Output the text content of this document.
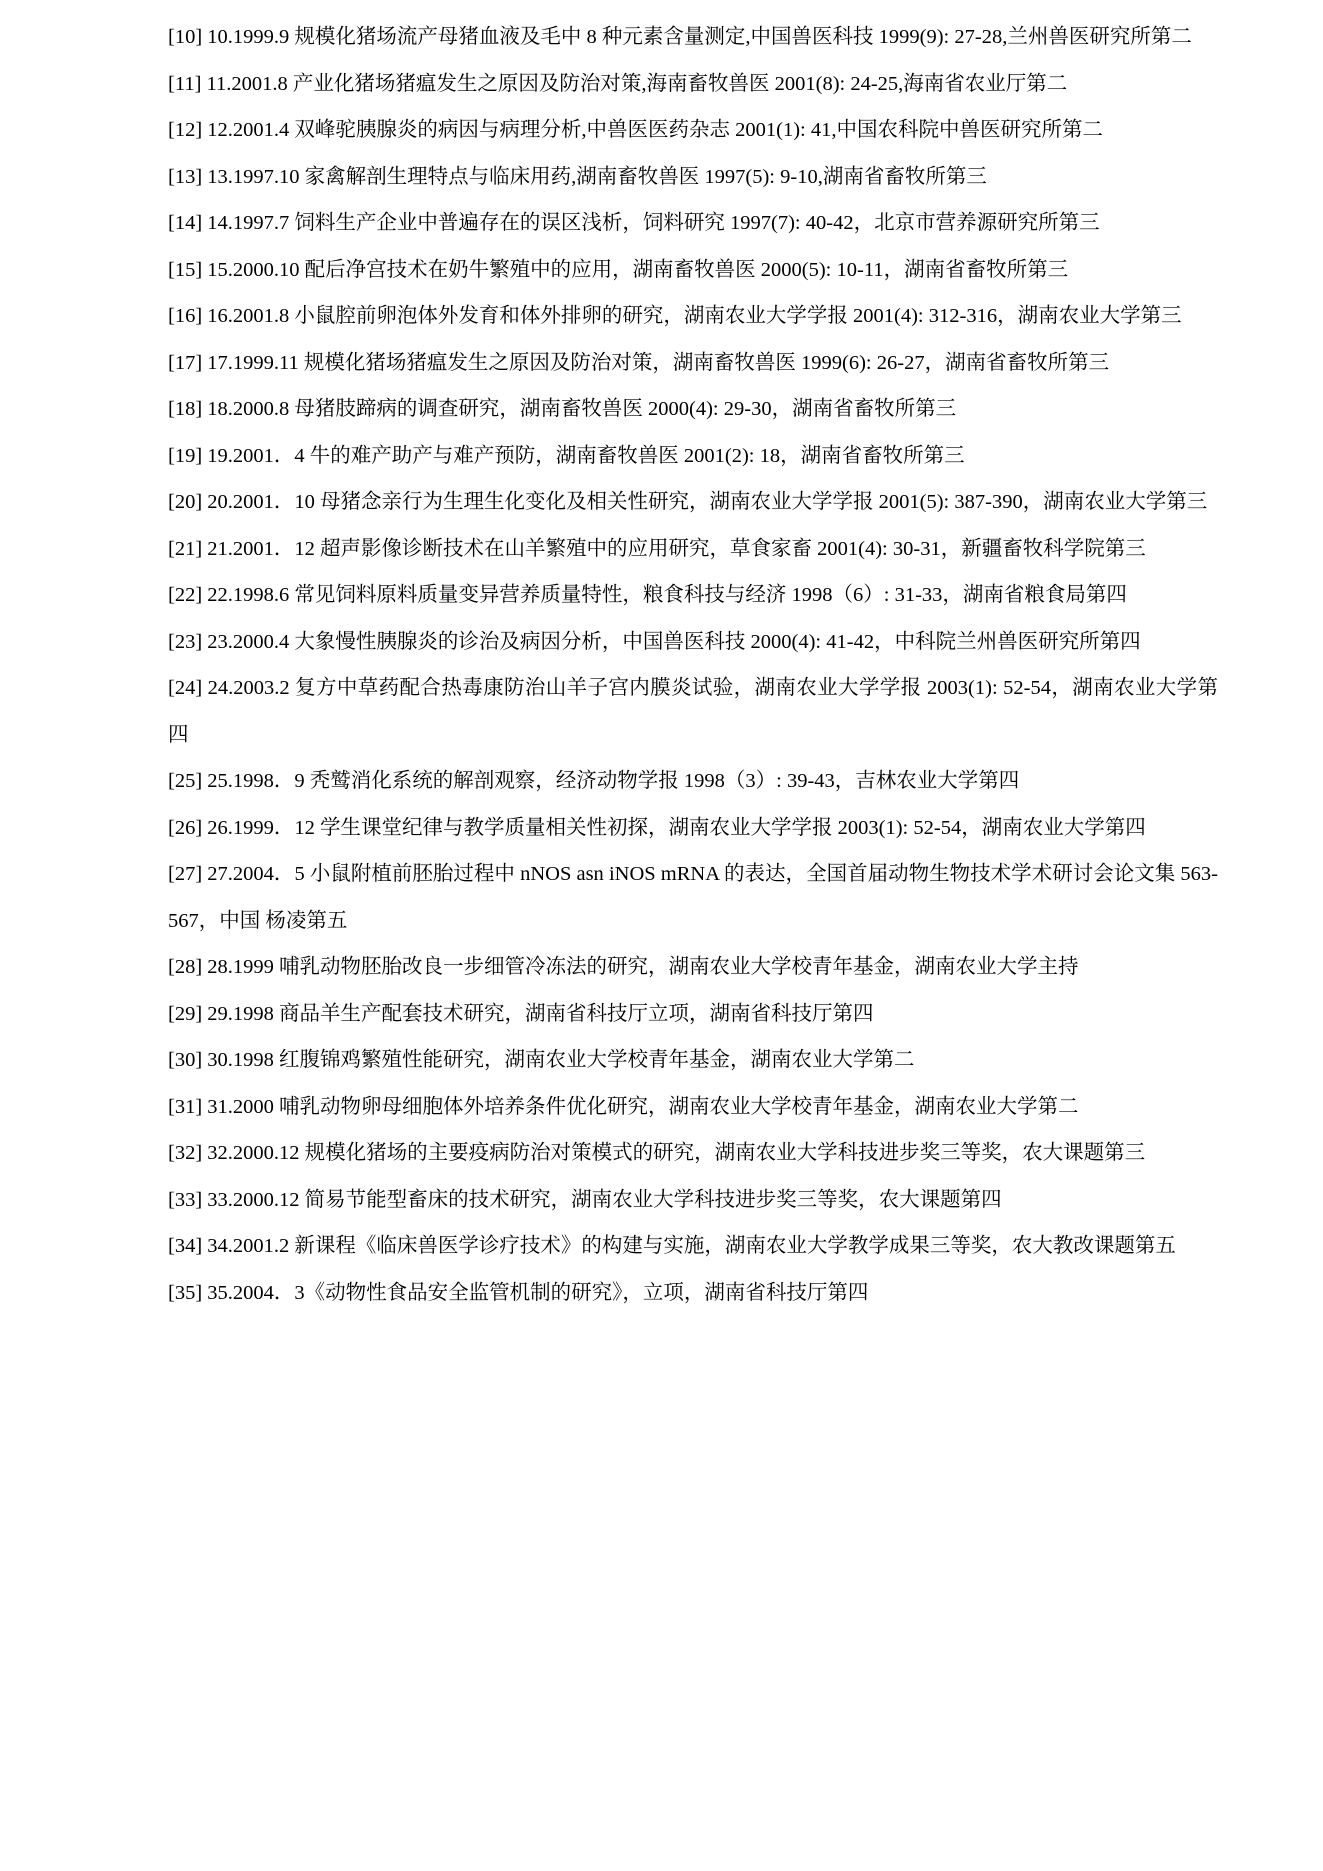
[10] 10.1999.9 规模化猪场流产母猪血液及毛中 8 种元素含量测定,中国兽医科技 1999(9): 27-28,兰州兽医研究所第二

[11] 11.2001.8 产业化猪场猪瘟发生之原因及防治对策,海南畜牧兽医 2001(8): 24-25,海南省农业厅第二

[12] 12.2001.4 双峰驼胰腺炎的病因与病理分析,中兽医医药杂志 2001(1): 41,中国农科院中兽医研究所第二

[13] 13.1997.10 家禽解剖生理特点与临床用药,湖南畜牧兽医 1997(5): 9-10,湖南省畜牧所第三

[14] 14.1997.7 饲料生产企业中普遍存在的误区浅析，饲料研究 1997(7): 40-42，北京市营养源研究所第三

[15] 15.2000.10 配后净宫技术在奶牛繁殖中的应用，湖南畜牧兽医 2000(5): 10-11，湖南省畜牧所第三

[16] 16.2001.8 小鼠腔前卵泡体外发育和体外排卵的研究，湖南农业大学学报 2001(4): 312-316，湖南农业大学第三

[17] 17.1999.11 规模化猪场猪瘟发生之原因及防治对策，湖南畜牧兽医 1999(6): 26-27，湖南省畜牧所第三

[18] 18.2000.8 母猪肢蹄病的调查研究，湖南畜牧兽医 2000(4): 29-30，湖南省畜牧所第三

[19] 19.2001．4 牛的难产助产与难产预防，湖南畜牧兽医 2001(2): 18，湖南省畜牧所第三

[20] 20.2001．10 母猪念亲行为生理生化变化及相关性研究，湖南农业大学学报 2001(5): 387-390，湖南农业大学第三

[21] 21.2001．12 超声影像诊断技术在山羊繁殖中的应用研究，草食家畜 2001(4): 30-31，新疆畜牧科学院第三

[22] 22.1998.6 常见饲料原料质量变异营养质量特性，粮食科技与经济 1998（6）: 31-33，湖南省粮食局第四

[23] 23.2000.4 大象慢性胰腺炎的诊治及病因分析，中国兽医科技 2000(4): 41-42，中科院兰州兽医研究所第四

[24] 24.2003.2 复方中草药配合热毒康防治山羊子宫内膜炎试验，湖南农业大学学报 2003(1): 52-54，湖南农业大学第四

[25] 25.1998．9 秃鹫消化系统的解剖观察，经济动物学报 1998（3）: 39-43，吉林农业大学第四

[26] 26.1999．12 学生课堂纪律与教学质量相关性初探，湖南农业大学学报 2003(1): 52-54，湖南农业大学第四

[27] 27.2004．5 小鼠附植前胚胎过程中 nNOS asn iNOS mRNA 的表达，全国首届动物生物技术学术研讨会论文集 563-567，中国 杨凌第五

[28] 28.1999 哺乳动物胚胎改良一步细管冷冻法的研究，湖南农业大学校青年基金，湖南农业大学主持

[29] 29.1998 商品羊生产配套技术研究，湖南省科技厅立项，湖南省科技厅第四

[30] 30.1998 红腹锦鸡繁殖性能研究，湖南农业大学校青年基金，湖南农业大学第二

[31] 31.2000 哺乳动物卵母细胞体外培养条件优化研究，湖南农业大学校青年基金，湖南农业大学第二

[32] 32.2000.12 规模化猪场的主要疫病防治对策模式的研究，湖南农业大学科技进步奖三等奖，农大课题第三

[33] 33.2000.12 简易节能型畜床的技术研究，湖南农业大学科技进步奖三等奖，农大课题第四

[34] 34.2001.2 新课程《临床兽医学诊疗技术》的构建与实施，湖南农业大学教学成果三等奖，农大教改课题第五

[35] 35.2004．3《动物性食品安全监管机制的研究》，立项，湖南省科技厅第四
